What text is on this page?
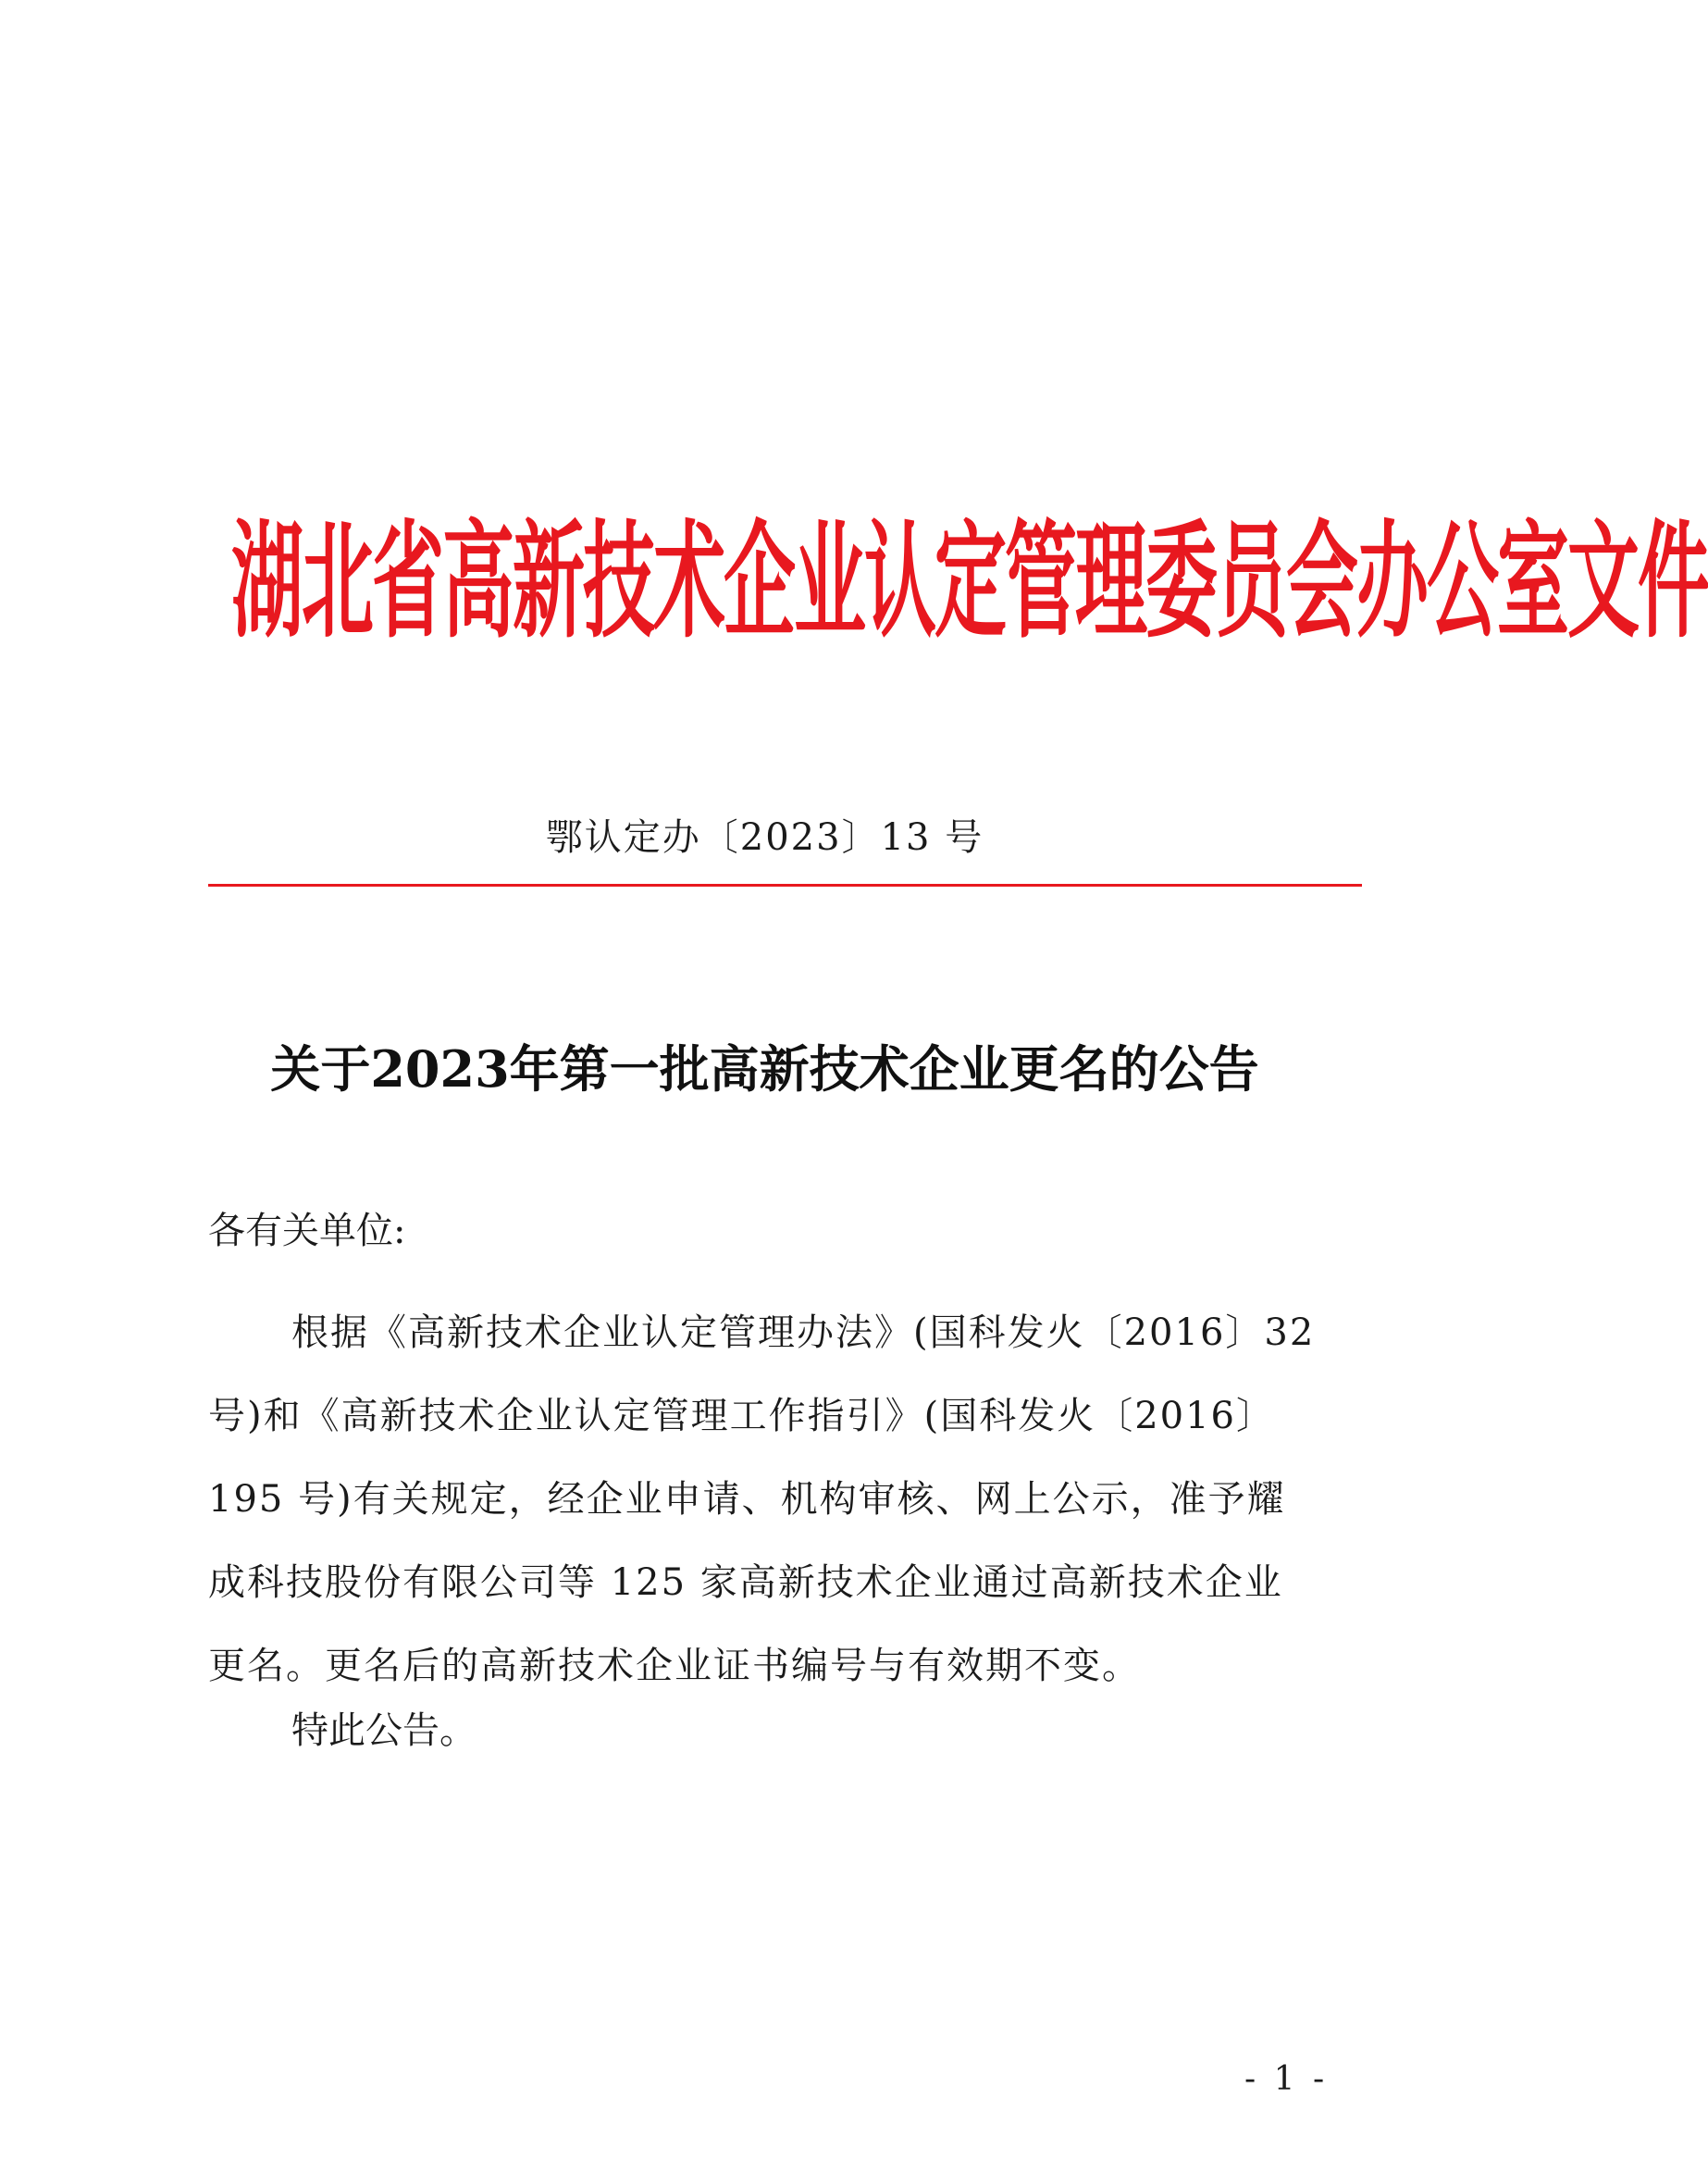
湖北省高新技术企业认定管理委员会办公室文件
鄂认定办〔2023〕13 号
关于2023年第一批高新技术企业更名的公告
各有关单位:
根据《高新技术企业认定管理办法》(国科发火〔2016〕32
号)和《高新技术企业认定管理工作指引》(国科发火〔2016〕
195 号)有关规定，经企业申请、机构审核、网上公示，准予耀
成科技股份有限公司等 125 家高新技术企业通过高新技术企业
更名。更名后的高新技术企业证书编号与有效期不变。
特此公告。
- 1 -
